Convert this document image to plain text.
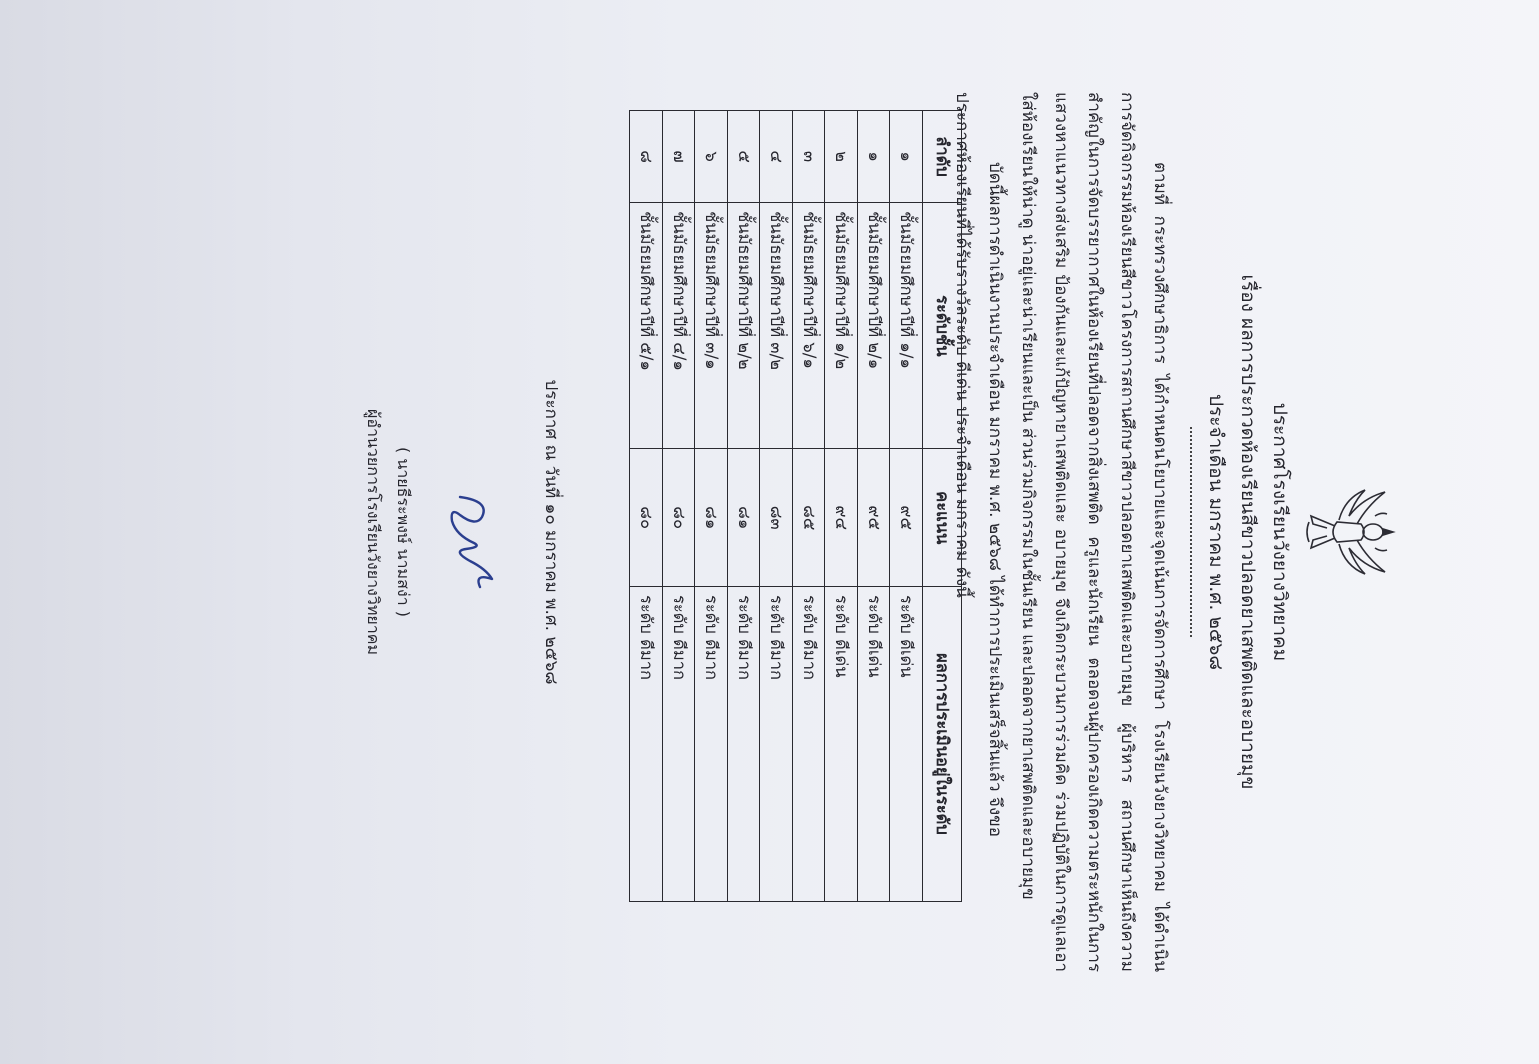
ประกาศโรงเรียนวังยางวิทยาคม
เรื่อง ผลการประกวดห้องเรียนสีขาวปลอดยาเสพติดและอบายมุข
ประจำเดือน มกราคม พ.ศ. ๒๕๖๘

ตามที่ กระทรวงศึกษาธิการ ได้กำหนดนโยบายและจุดเน้นการจัดการศึกษา โรงเรียนวังยางวิทยาคม ได้ดำเนินการจัดกิจกรรมห้องเรียนสีขาวโครงการสถานศึกษาสีขาวปลอดยาเสพติดและอบายมุข ผู้บริหาร สถานศึกษาเห็นถึงความสำคัญในการจัดบรรยากาศในห้องเรียนที่ปลอดจากสิ่งเสพติด ครูและนักเรียน ตลอดจนผู้ปกครองเกิดความตระหนักในการแสวงหาแนวทางส่งเสริม ป้องกันและแก้ปัญหายาเสพติดและ อบายมุข จึงเกิดกระบวนการร่วมคิด ร่วมปฏิบัติในการดูแลเอาใส่ห้องเรียนให้น่าดู น่าอยู่และน่าเรียนและเป็น ส่วนร่วมกิจกรรมในชั้นเรียน และปลอดจากยาเสพติดและอบายมุข

บัดนี้ผลการดำเนินงานประจำเดือน มกราคม พ.ศ. ๒๕๖๘ ได้ทำการประเมินเสร็จสิ้นแล้ว จึงขอ

ประกาศห้องเรียนที่ได้รับรางวัลระดับ ดีเด่น ประจำเดือน มกราคม ดังนี้

ลำดับ	ระดับชั้น	คะแนน	ผลการประเมินอยู่ในระดับ
๑	ชั้นมัธยมศึกษาปีที่ ๑/๑	๙๕	ระดับ ดีเด่น
๑	ชั้นมัธยมศึกษาปีที่ ๒/๑	๙๕	ระดับ ดีเด่น
๒	ชั้นมัธยมศึกษาปีที่ ๑/๒	๙๔	ระดับ ดีเด่น
๓	ชั้นมัธยมศึกษาปีที่ ๖/๑	๘๕	ระดับ ดีมาก
๔	ชั้นมัธยมศึกษาปีที่ ๓/๒	๘๓	ระดับ ดีมาก
๕	ชั้นมัธยมศึกษาปีที่ ๒/๒	๘๑	ระดับ ดีมาก
๖	ชั้นมัธยมศึกษาปีที่ ๓/๑	๘๑	ระดับ ดีมาก
๗	ชั้นมัธยมศึกษาปีที่ ๔/๑	๘๐	ระดับ ดีมาก
๘	ชั้นมัธยมศึกษาปีที่ ๕/๑	๘๐	ระดับ ดีมาก
ประกาศ ณ วันที่ ๑๐ มกราคม พ.ศ. ๒๕๖๘
( นายธีระพงษ์ นามสง่า )
ผู้อำนวยการโรงเรียนวังยางวิทยาคม
